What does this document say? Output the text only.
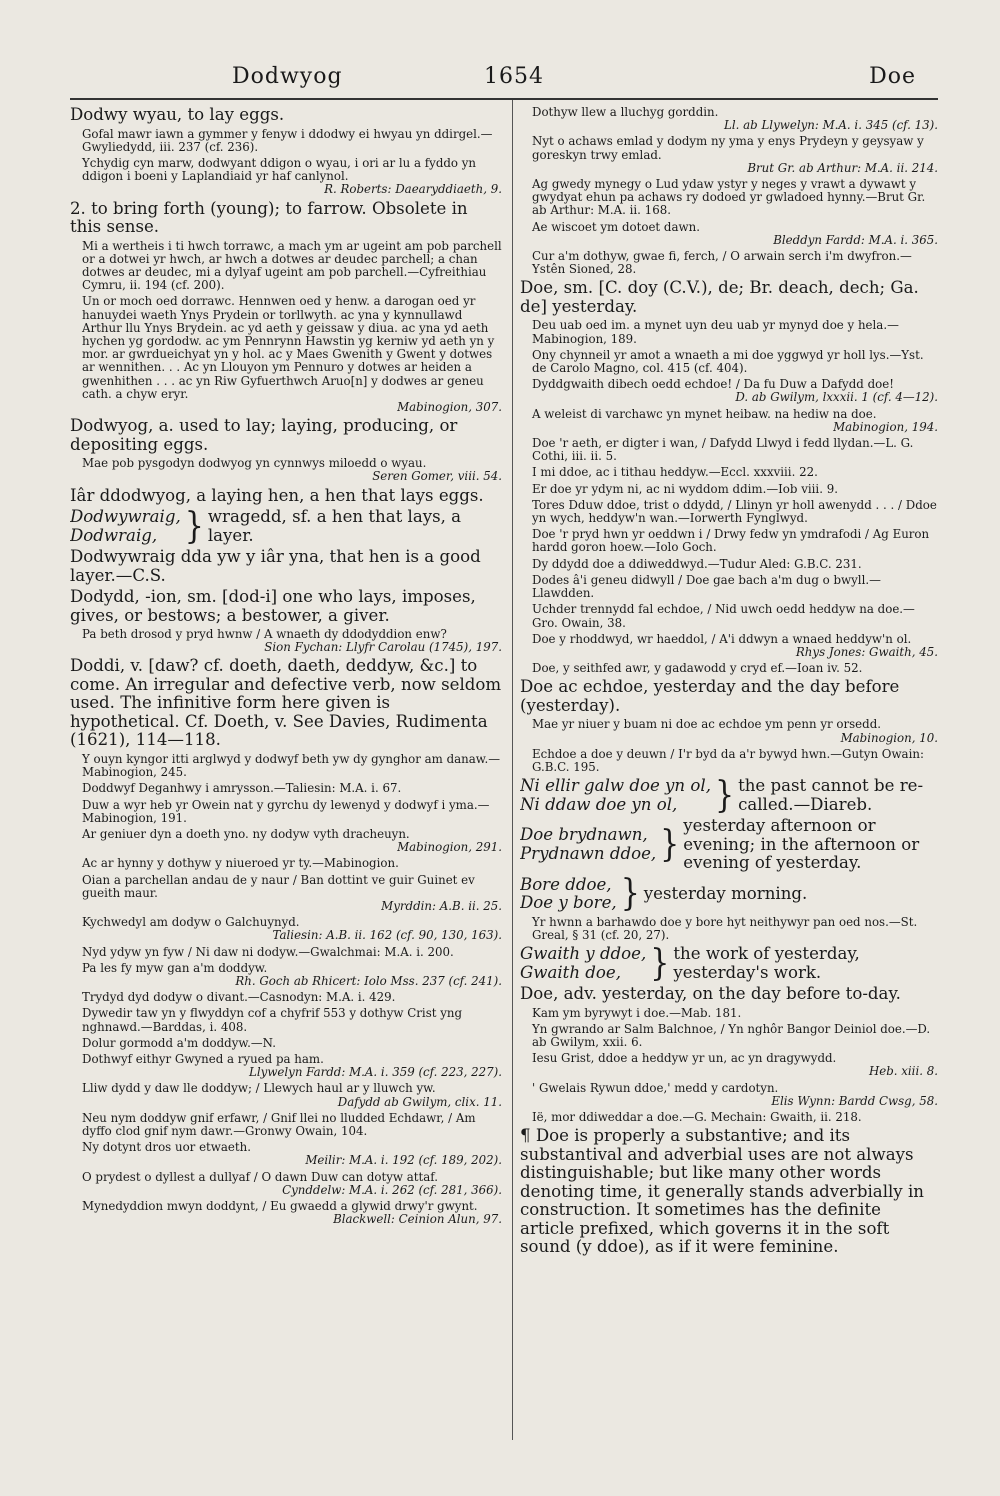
Dodwyog	1654	Doe

Dodwy wyau, to lay eggs.

Gofal mawr iawn a gymmer y fenyw i ddodwy ei hwyau yn ddirgel.—Gwyliedydd, iii. 237 (cf. 236).

Ychydig cyn marw, dodwyant ddigon o wyau, i ori ar lu a fyddo yn ddigon i boeni y Laplandiaid yr haf canlynol.
R. Roberts: Daearyddiaeth, 9.

2. to bring forth (young); to farrow. Obsolete in this sense.

Mi a wertheis i ti hwch torrawc, a mach ym ar ugeint am pob parchell or a dotwei yr hwch, ar hwch a dotwes ar deudec parchell; a chan dotwes ar deudec, mi a dylyaf ugeint am pob parchell.—Cyfreithiau Cymru, ii. 194 (cf. 200).

Un or moch oed dorrawc. Hennwen oed y henw. a darogan oed yr hanuydei waeth Ynys Prydein or torllwyth. ac yna y kynnullawd Arthur llu Ynys Brydein. ac yd aeth y geissaw y diua. ac yna yd aeth hychen yg gordodw. ac ym Pennrynn Hawstin yg kerniw yd aeth yn y mor. ar gwrdueichyat yn y hol. ac y Maes Gwenith y Gwent y dotwes ar wennithen. . . Ac yn Llouyon ym Pennuro y dotwes ar heiden a gwenhithen . . . ac yn Riw Gyfuerthwch Aruo[n] y dodwes ar geneu cath. a chyw eryr.
Mabinogion, 307.

Dodwyog, a. used to lay; laying, producing, or depositing eggs.

Mae pob pysgodyn dodwyog yn cynnwys miloedd o wyau.
Seren Gomer, viii. 54.

Iâr ddodwyog, a laying hen, a hen that lays eggs.

Dodwywraig,
Dodwraig, } wragedd, sf. a hen that lays, a layer.

Dodwywraig dda yw y iâr yna, that hen is a good layer.—C.S.

Dodydd, -ion, sm. [dod-i] one who lays, imposes, gives, or bestows; a bestower, a giver.

Pa beth drosod y pryd hwnw / A wnaeth dy ddodyddion enw?
Sion Fychan: Llyfr Carolau (1745), 197.

Doddi, v. [daw? cf. doeth, daeth, deddyw, &c.] to come. An irregular and defective verb, now seldom used. The infinitive form here given is hypothetical. Cf. Doeth, v. See Davies, Rudimenta (1621), 114—118.

Y ouyn kyngor itti arglwyd y dodwyf beth yw dy gynghor am danaw.—Mabinogion, 245.

Doddwyf Deganhwy i amrysson.—Taliesin: M.A. i. 67.

Duw a wyr heb yr Owein nat y gyrchu dy lewenyd y dodwyf i yma.—Mabinogion, 191.

Ar geniuer dyn a doeth yno. ny dodyw vyth dracheuyn.
Mabinogion, 291.

Ac ar hynny y dothyw y niueroed yr ty.—Mabinogion.

Oian a parchellan andau de y naur / Ban dottint ve guir Guinet ev gueith maur.
Myrddin: A.B. ii. 25.

Kychwedyl am dodyw o Galchuynyd.
Taliesin: A.B. ii. 162 (cf. 90, 130, 163).

Nyd ydyw yn fyw / Ni daw ni dodyw.—Gwalchmai: M.A. i. 200.

Pa les fy myw gan a'm doddyw.
Rh. Goch ab Rhicert: Iolo Mss. 237 (cf. 241).

Trydyd dyd dodyw o divant.—Casnodyn: M.A. i. 429.

Dywedir taw yn y flwyddyn cof a chyfrif 553 y dothyw Crist yng nghnawd.—Barddas, i. 408.

Dolur gormodd a'm doddyw.—N.

Dothwyf eithyr Gwyned a ryued pa ham.
Llywelyn Fardd: M.A. i. 359 (cf. 223, 227).

Lliw dydd y daw lle doddyw; / Llewych haul ar y lluwch yw.
Dafydd ab Gwilym, clix. 11.

Neu nym doddyw gnif erfawr, / Gnif llei no lludded Echdawr, / Am dyffo clod gnif nym dawr.—Gronwy Owain, 104.

Ny dotynt dros uor etwaeth.
Meilir: M.A. i. 192 (cf. 189, 202).

O prydest o dyllest a dullyaf / O dawn Duw can dotyw attaf.
Cynddelw: M.A. i. 262 (cf. 281, 366).

Mynedyddion mwyn doddynt, / Eu gwaedd a glywid drwy'r gwynt.
Blackwell: Ceinion Alun, 97.

Dothyw llew a lluchyg gorddin.
Ll. ab Llywelyn: M.A. i. 345 (cf. 13).

Nyt o achaws emlad y dodym ny yma y enys Prydeyn y geysyaw y goreskyn trwy emlad.
Brut Gr. ab Arthur: M.A. ii. 214.

Ag gwedy mynegy o Lud ydaw ystyr y neges y vrawt a dywawt y gwydyat ehun pa achaws ry dodoed yr gwladoed hynny.—Brut Gr. ab Arthur: M.A. ii. 168.

Ae wiscoet ym dotoet dawn.
Bleddyn Fardd: M.A. i. 365.

Cur a'm dothyw, gwae fi, ferch, / O arwain serch i'm dwyfron.—Ystên Sioned, 28.

Doe, sm. [C. doy (C.V.), de; Br. deach, dech; Ga. de] yesterday.

Deu uab oed im. a mynet uyn deu uab yr mynyd doe y hela.—Mabinogion, 189.

Ony chynneil yr amot a wnaeth a mi doe yggwyd yr holl lys.—Yst. de Carolo Magno, col. 415 (cf. 404).

Dyddgwaith dibech oedd echdoe! / Da fu Duw a Dafydd doe!
D. ab Gwilym, lxxxii. 1 (cf. 4—12).

A weleist di varchawc yn mynet heibaw. na hediw na doe.
Mabinogion, 194.

Doe 'r aeth, er digter i wan, / Dafydd Llwyd i fedd llydan.—L. G. Cothi, iii. ii. 5.

I mi ddoe, ac i tithau heddyw.—Eccl. xxxviii. 22.

Er doe yr ydym ni, ac ni wyddom ddim.—Iob viii. 9.

Tores Dduw ddoe, trist o ddydd, / Llinyn yr holl awenydd . . . / Ddoe yn wych, heddyw'n wan.—Iorwerth Fynglwyd.

Doe 'r pryd hwn yr oeddwn i / Drwy fedw yn ymdrafodi / Ag Euron hardd goron hoew.—Iolo Goch.

Dy ddydd doe a ddiweddwyd.—Tudur Aled: G.B.C. 231.

Dodes â'i geneu didwyll / Doe gae bach a'm dug o bwyll.—Llawdden.

Uchder trennydd fal echdoe, / Nid uwch oedd heddyw na doe.—Gro. Owain, 38.

Doe y rhoddwyd, wr haeddol, / A'i ddwyn a wnaed heddyw'n ol.
Rhys Jones: Gwaith, 45.

Doe, y seithfed awr, y gadawodd y cryd ef.—Ioan iv. 52.

Doe ac echdoe, yesterday and the day before (yesterday).

Mae yr niuer y buam ni doe ac echdoe ym penn yr orsedd.
Mabinogion, 10.

Echdoe a doe y deuwn / I'r byd da a'r bywyd hwn.—Gutyn Owain: G.B.C. 195.

Ni ellir galw doe yn ol,
Ni ddaw doe yn ol,	} the past cannot be re-called.—Diareb.
Doe brydnawn,
Prydnawn ddoe, } yesterday afternoon or evening; in the afternoon or evening of yesterday.
Bore ddoe,
Doe y bore, } yesterday morning.

Yr hwnn a barhawdo doe y bore hyt neithywyr pan oed nos.—St. Greal, § 31 (cf. 20, 27).

Gwaith y ddoe,
Gwaith doe, } the work of yesterday, yesterday's work.

Doe, adv. yesterday, on the day before to-day.

Kam ym byrywyt i doe.—Mab. 181.

Yn gwrando ar Salm Balchnoe, / Yn nghôr Bangor Deiniol doe.—D. ab Gwilym, xxii. 6.

Iesu Grist, ddoe a heddyw yr un, ac yn dragywydd.
Heb. xiii. 8.

' Gwelais Rywun ddoe,' medd y cardotyn.
Elis Wynn: Bardd Cwsg, 58.

Ië, mor ddiweddar a doe.—G. Mechain: Gwaith, ii. 218.

¶ Doe is properly a substantive; and its substantival and adverbial uses are not always distinguishable; but like many other words denoting time, it generally stands adverbially in construction. It sometimes has the definite article prefixed, which governs it in the soft sound (y ddoe), as if it were feminine.
